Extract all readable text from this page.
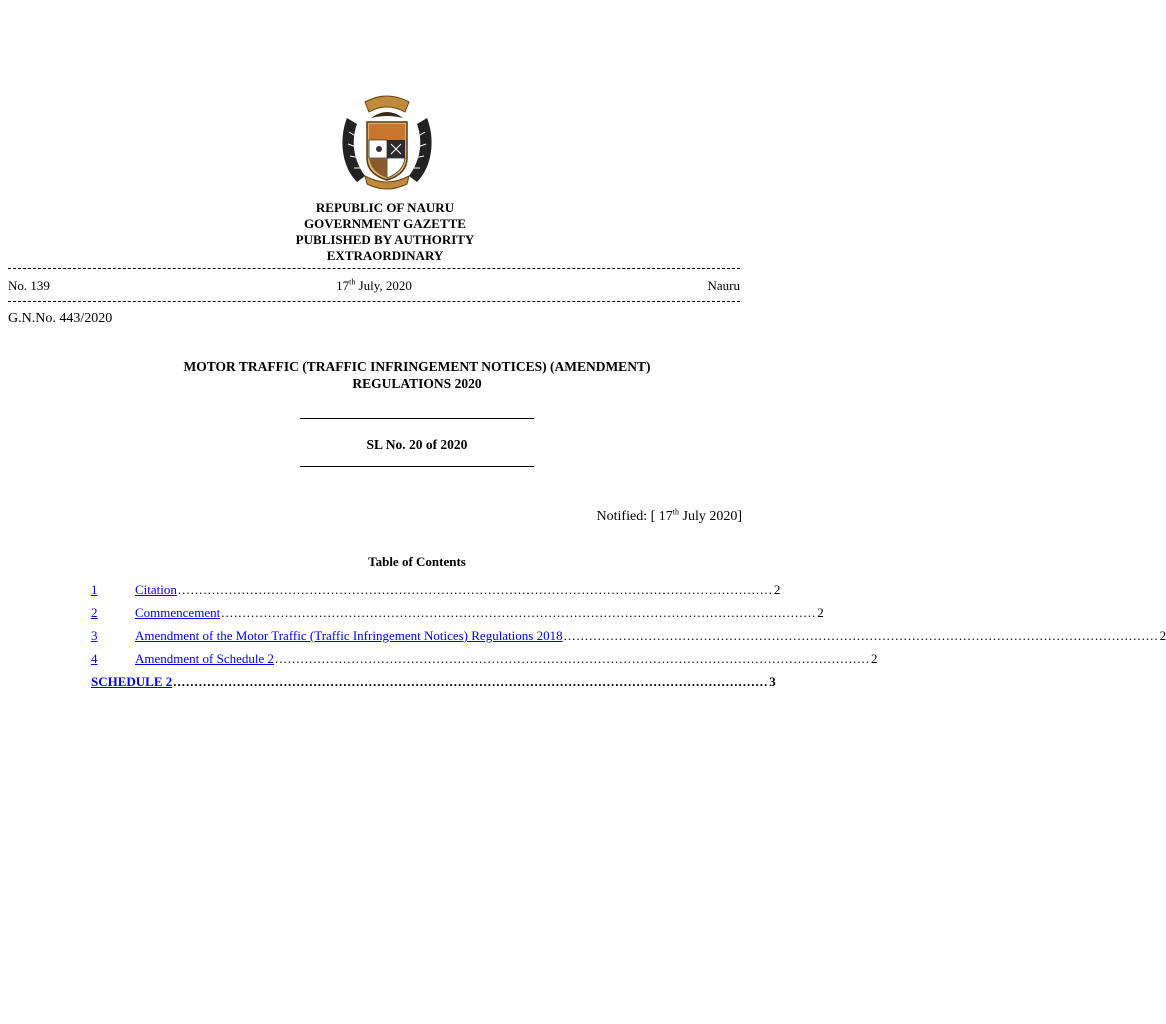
REPUBLIC OF NAURU
GOVERNMENT GAZETTE
PUBLISHED BY AUTHORITY
EXTRAORDINARY
No. 139	17th July, 2020	Nauru
G.N.No. 443/2020
MOTOR TRAFFIC (TRAFFIC INFRINGEMENT NOTICES) (AMENDMENT)
REGULATIONS 2020
SL No. 20 of 2020
Notified: [ 17th July 2020]
Table of Contents
1	Citation ............................................................................................................................................ 2
2	Commencement ............................................................................................................................................ 2
3	Amendment of the Motor Traffic (Traffic Infringement Notices) Regulations 2018 ............................................................................................................................................ 2
4	Amendment of Schedule 2 ............................................................................................................................................ 2
SCHEDULE 2 ............................................................................................................................................ 3
